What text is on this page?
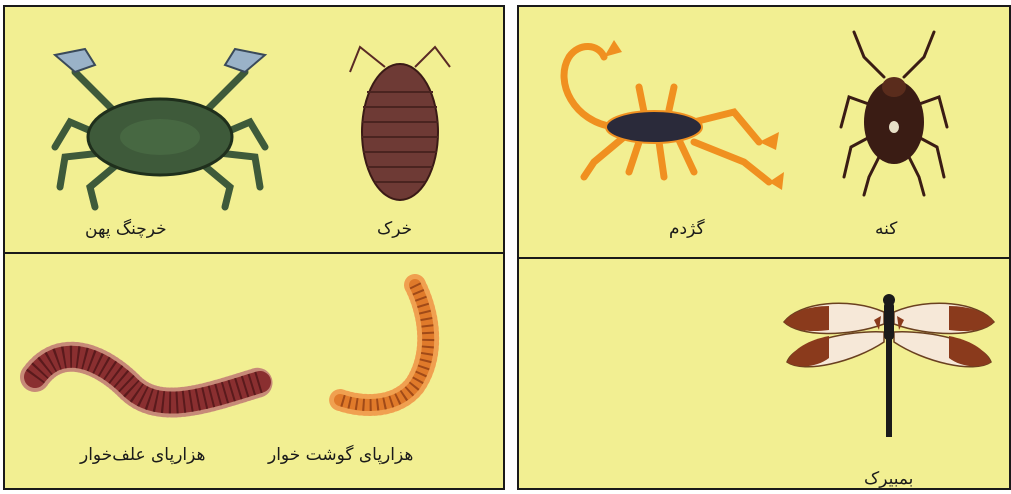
خرچنگ پهن	خرک
هزارپای علف‌خوار	هزارپای گوشت خوار
گژدم	کنه
بمبیرک
